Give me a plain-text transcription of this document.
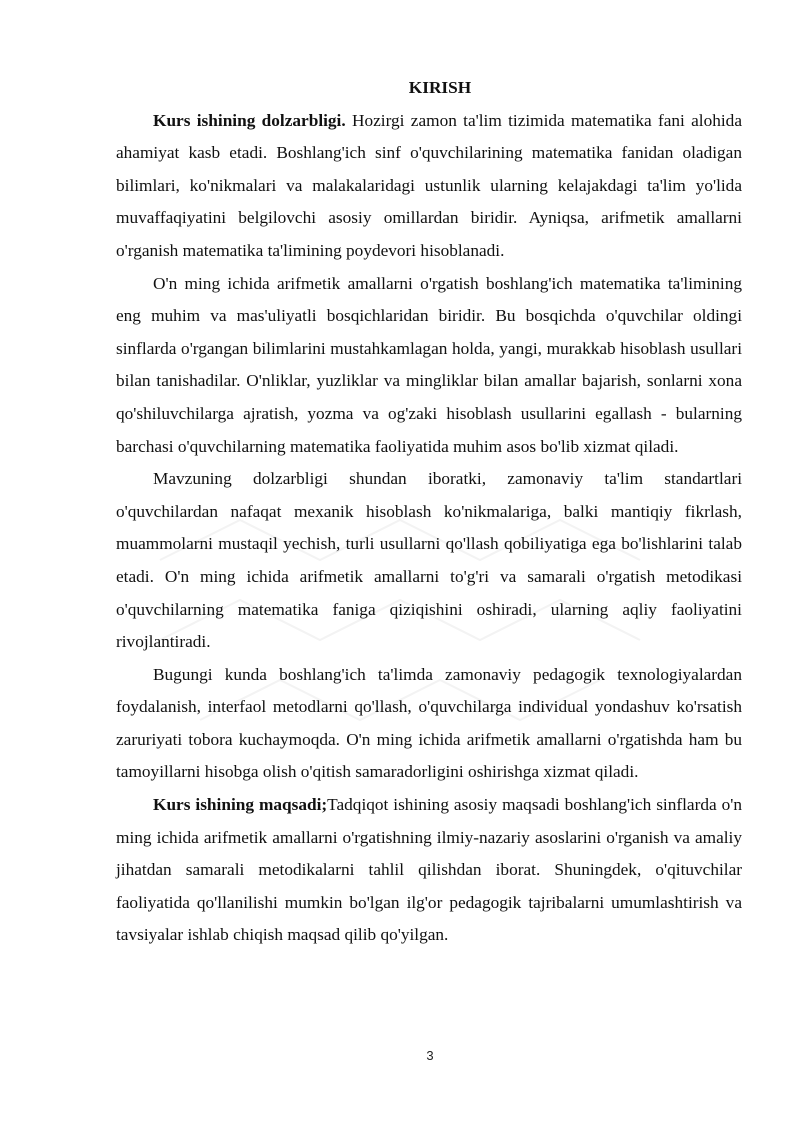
KIRISH

Kurs ishining dolzarbligi. Hozirgi zamon ta'lim tizimida matematika fani alohida ahamiyat kasb etadi. Boshlang'ich sinf o'quvchilarining matematika fanidan oladigan bilimlari, ko'nikmalari va malakalaridagi ustunlik ularning kelajakdagi ta'lim yo'lida muvaffaqiyatini belgilovchi asosiy omillardan biridir. Ayniqsa, arifmetik amallarni o'rganish matematika ta'limining poydevori hisoblanadi.

O'n ming ichida arifmetik amallarni o'rgatish boshlang'ich matematika ta'limining eng muhim va mas'uliyatli bosqichlaridan biridir. Bu bosqichda o'quvchilar oldingi sinflarda o'rgangan bilimlarini mustahkamlagan holda, yangi, murakkab hisoblash usullari bilan tanishadilar. O'nliklar, yuzliklar va mingliklar bilan amallar bajarish, sonlarni xona qo'shiluvchilarga ajratish, yozma va og'zaki hisoblash usullarini egallash - bularning barchasi o'quvchilarning matematika faoliyatida muhim asos bo'lib xizmat qiladi.

Mavzuning dolzarbligi shundan iboratki, zamonaviy ta'lim standartlari o'quvchilardan nafaqat mexanik hisoblash ko'nikmalariga, balki mantiqiy fikrlash, muammolarni mustaqil yechish, turli usullarni qo'llash qobiliyatiga ega bo'lishlarini talab etadi. O'n ming ichida arifmetik amallarni to'g'ri va samarali o'rgatish metodikasi o'quvchilarning matematika faniga qiziqishini oshiradi, ularning aqliy faoliyatini rivojlantiradi.

Bugungi kunda boshlang'ich ta'limda zamonaviy pedagogik texnologiyalardan foydalanish, interfaol metodlarni qo'llash, o'quvchilarga individual yondashuv ko'rsatish zaruriyati tobora kuchaymoqda. O'n ming ichida arifmetik amallarni o'rgatishda ham bu tamoyillarni hisobga olish o'qitish samaradorligini oshirishga xizmat qiladi.

Kurs ishining maqsadi;Tadqiqot ishining asosiy maqsadi boshlang'ich sinflarda o'n ming ichida arifmetik amallarni o'rgatishning ilmiy-nazariy asoslarini o'rganish va amaliy jihatdan samarali metodikalarni tahlil qilishdan iborat. Shuningdek, o'qituvchilar faoliyatida qo'llanilishi mumkin bo'lgan ilg'or pedagogik tajribalarni umumlashtirish va tavsiyalar ishlab chiqish maqsad qilib qo'yilgan.

3
